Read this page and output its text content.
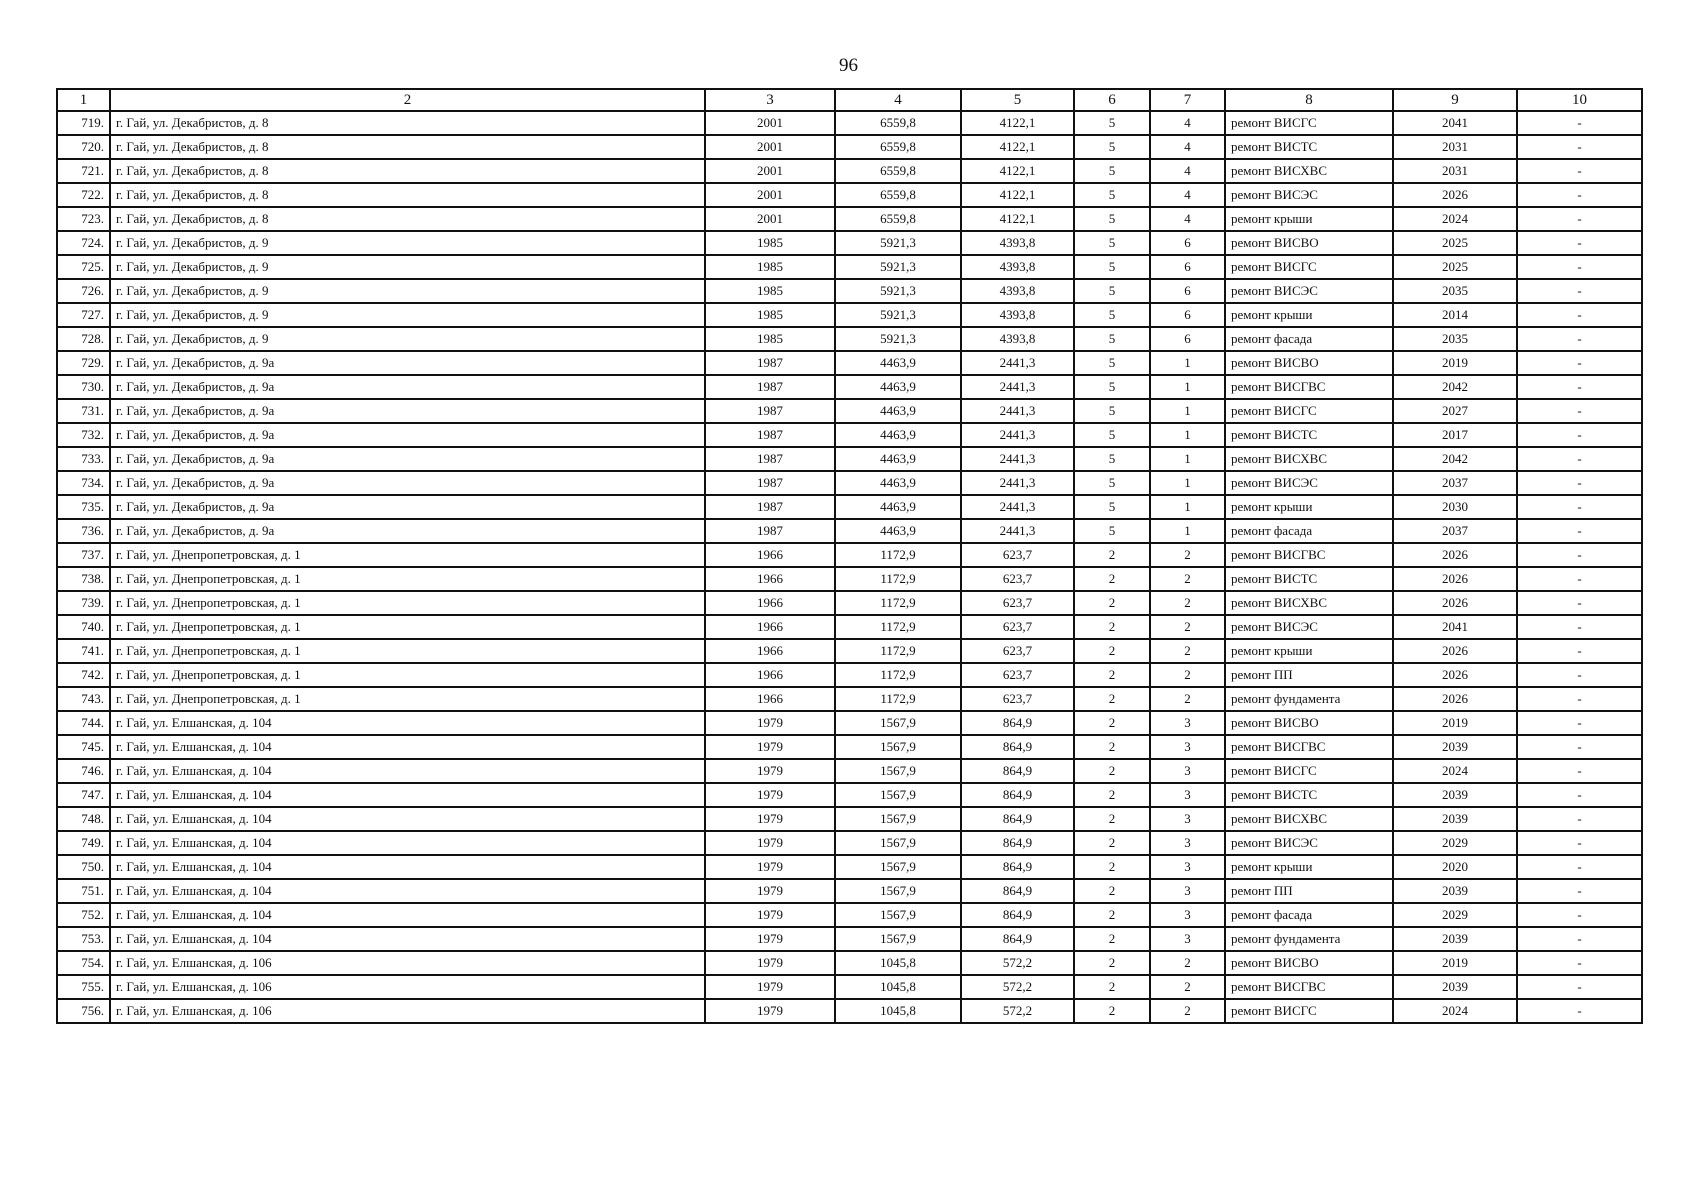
96
1	2	3	4	5	6	7	8	9	10
719.	г. Гай, ул. Декабристов, д. 8	2001	6559,8	4122,1	5	4	ремонт ВИСГС	2041	-
720.	г. Гай, ул. Декабристов, д. 8	2001	6559,8	4122,1	5	4	ремонт ВИСТС	2031	-
721.	г. Гай, ул. Декабристов, д. 8	2001	6559,8	4122,1	5	4	ремонт ВИСХВС	2031	-
722.	г. Гай, ул. Декабристов, д. 8	2001	6559,8	4122,1	5	4	ремонт ВИСЭС	2026	-
723.	г. Гай, ул. Декабристов, д. 8	2001	6559,8	4122,1	5	4	ремонт крыши	2024	-
724.	г. Гай, ул. Декабристов, д. 9	1985	5921,3	4393,8	5	6	ремонт ВИСВО	2025	-
725.	г. Гай, ул. Декабристов, д. 9	1985	5921,3	4393,8	5	6	ремонт ВИСГС	2025	-
726.	г. Гай, ул. Декабристов, д. 9	1985	5921,3	4393,8	5	6	ремонт ВИСЭС	2035	-
727.	г. Гай, ул. Декабристов, д. 9	1985	5921,3	4393,8	5	6	ремонт крыши	2014	-
728.	г. Гай, ул. Декабристов, д. 9	1985	5921,3	4393,8	5	6	ремонт фасада	2035	-
729.	г. Гай, ул. Декабристов, д. 9а	1987	4463,9	2441,3	5	1	ремонт ВИСВО	2019	-
730.	г. Гай, ул. Декабристов, д. 9а	1987	4463,9	2441,3	5	1	ремонт ВИСГВС	2042	-
731.	г. Гай, ул. Декабристов, д. 9а	1987	4463,9	2441,3	5	1	ремонт ВИСГС	2027	-
732.	г. Гай, ул. Декабристов, д. 9а	1987	4463,9	2441,3	5	1	ремонт ВИСТС	2017	-
733.	г. Гай, ул. Декабристов, д. 9а	1987	4463,9	2441,3	5	1	ремонт ВИСХВС	2042	-
734.	г. Гай, ул. Декабристов, д. 9а	1987	4463,9	2441,3	5	1	ремонт ВИСЭС	2037	-
735.	г. Гай, ул. Декабристов, д. 9а	1987	4463,9	2441,3	5	1	ремонт крыши	2030	-
736.	г. Гай, ул. Декабристов, д. 9а	1987	4463,9	2441,3	5	1	ремонт фасада	2037	-
737.	г. Гай, ул. Днепропетровская, д. 1	1966	1172,9	623,7	2	2	ремонт ВИСГВС	2026	-
738.	г. Гай, ул. Днепропетровская, д. 1	1966	1172,9	623,7	2	2	ремонт ВИСТС	2026	-
739.	г. Гай, ул. Днепропетровская, д. 1	1966	1172,9	623,7	2	2	ремонт ВИСХВС	2026	-
740.	г. Гай, ул. Днепропетровская, д. 1	1966	1172,9	623,7	2	2	ремонт ВИСЭС	2041	-
741.	г. Гай, ул. Днепропетровская, д. 1	1966	1172,9	623,7	2	2	ремонт крыши	2026	-
742.	г. Гай, ул. Днепропетровская, д. 1	1966	1172,9	623,7	2	2	ремонт ПП	2026	-
743.	г. Гай, ул. Днепропетровская, д. 1	1966	1172,9	623,7	2	2	ремонт фундамента	2026	-
744.	г. Гай, ул. Елшанская, д. 104	1979	1567,9	864,9	2	3	ремонт ВИСВО	2019	-
745.	г. Гай, ул. Елшанская, д. 104	1979	1567,9	864,9	2	3	ремонт ВИСГВС	2039	-
746.	г. Гай, ул. Елшанская, д. 104	1979	1567,9	864,9	2	3	ремонт ВИСГС	2024	-
747.	г. Гай, ул. Елшанская, д. 104	1979	1567,9	864,9	2	3	ремонт ВИСТС	2039	-
748.	г. Гай, ул. Елшанская, д. 104	1979	1567,9	864,9	2	3	ремонт ВИСХВС	2039	-
749.	г. Гай, ул. Елшанская, д. 104	1979	1567,9	864,9	2	3	ремонт ВИСЭС	2029	-
750.	г. Гай, ул. Елшанская, д. 104	1979	1567,9	864,9	2	3	ремонт крыши	2020	-
751.	г. Гай, ул. Елшанская, д. 104	1979	1567,9	864,9	2	3	ремонт ПП	2039	-
752.	г. Гай, ул. Елшанская, д. 104	1979	1567,9	864,9	2	3	ремонт фасада	2029	-
753.	г. Гай, ул. Елшанская, д. 104	1979	1567,9	864,9	2	3	ремонт фундамента	2039	-
754.	г. Гай, ул. Елшанская, д. 106	1979	1045,8	572,2	2	2	ремонт ВИСВО	2019	-
755.	г. Гай, ул. Елшанская, д. 106	1979	1045,8	572,2	2	2	ремонт ВИСГВС	2039	-
756.	г. Гай, ул. Елшанская, д. 106	1979	1045,8	572,2	2	2	ремонт ВИСГС	2024	-
